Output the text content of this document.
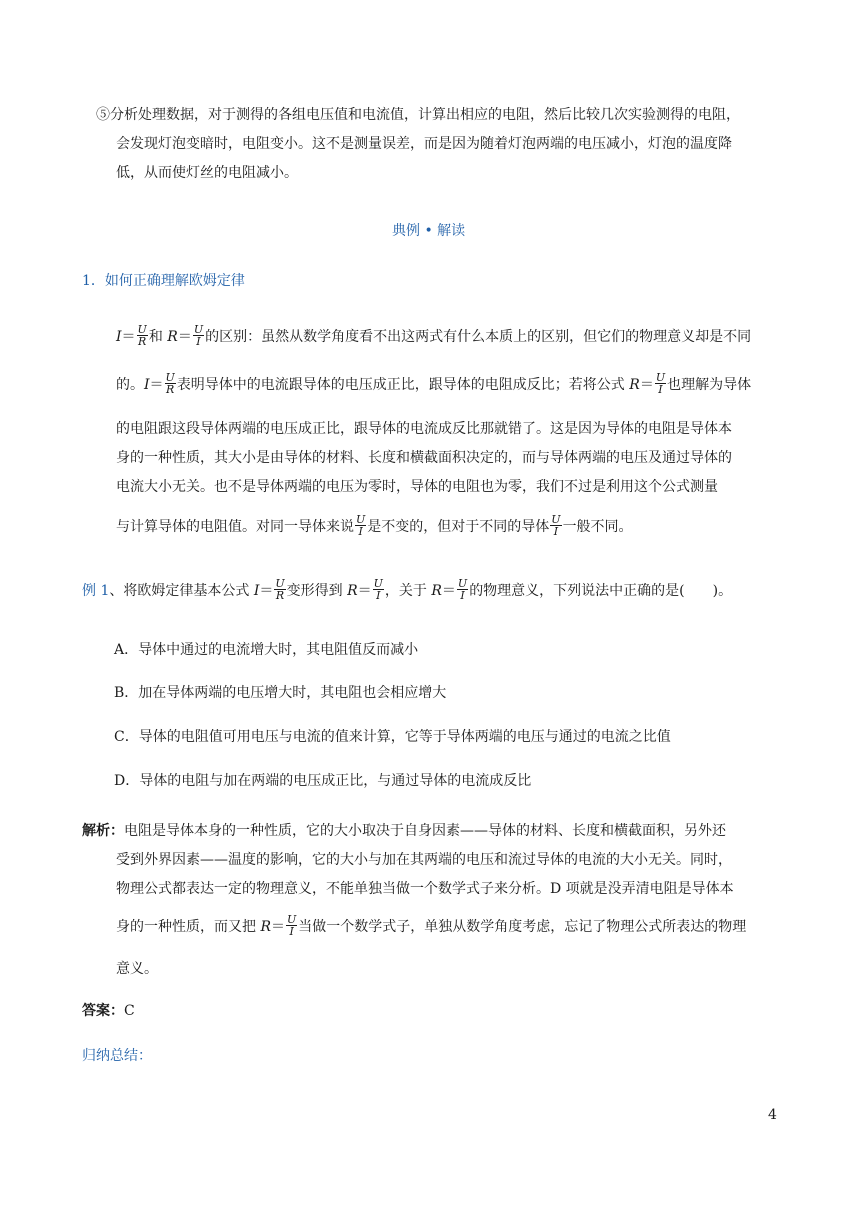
⑤分析处理数据，对于测得的各组电压值和电流值，计算出相应的电阻，然后比较几次实验测得的电阻，
会发现灯泡变暗时，电阻变小。这不是测量误差，而是因为随着灯泡两端的电压减小，灯泡的温度降
低，从而使灯丝的电阻减小。
典例 • 解读
1．如何正确理解欧姆定律
$I= \frac{U}{R}$ 和 $R= \frac{U}{I}$ 的区别：虽然从数学角度看不出这两式有什么本质上的区别，但它们的物理意义却是不同
的。$I= \frac{U}{R}$ 表明导体中的电流跟导体的电压成正比，跟导体的电阻成反比；若将公式 $R= \frac{U}{I}$ 也理解为导体
的电阻跟这段导体两端的电压成正比，跟导体的电流成反比那就错了。这是因为导体的电阻是导体本
身的一种性质，其大小是由导体的材料、长度和横截面积决定的，而与导体两端的电压及通过导体的
电流大小无关。也不是导体两端的电压为零时，导体的电阻也为零，我们不过是利用这个公式测量
与计算导体的电阻值。对同一导体来说 $\frac{U}{I}$ 是不变的，但对于不同的导体 $\frac{U}{I}$ 一般不同。
例 1、将欧姆定律基本公式 $I= \frac{U}{R}$ 变形得到 $R= \frac{U}{I}$ ，关于 $R= \frac{U}{I}$ 的物理意义，下列说法中正确的是(　　)。
A．导体中通过的电流增大时，其电阻值反而减小
B．加在导体两端的电压增大时，其电阻也会相应增大
C．导体的电阻值可用电压与电流的值来计算，它等于导体两端的电压与通过的电流之比值
D．导体的电阻与加在两端的电压成正比，与通过导体的电流成反比
解析：电阻是导体本身的一种性质，它的大小取决于自身因素——导体的材料、长度和横截面积，另外还
受到外界因素——温度的影响，它的大小与加在其两端的电压和流过导体的电流的大小无关。同时，
物理公式都表达一定的物理意义，不能单独当做一个数学式子来分析。D 项就是没弄清电阻是导体本
身的一种性质，而又把 $R= \frac{U}{I}$ 当做一个数学式子，单独从数学角度考虑，忘记了物理公式所表达的物理
意义。
答案：C
归纳总结：
4
